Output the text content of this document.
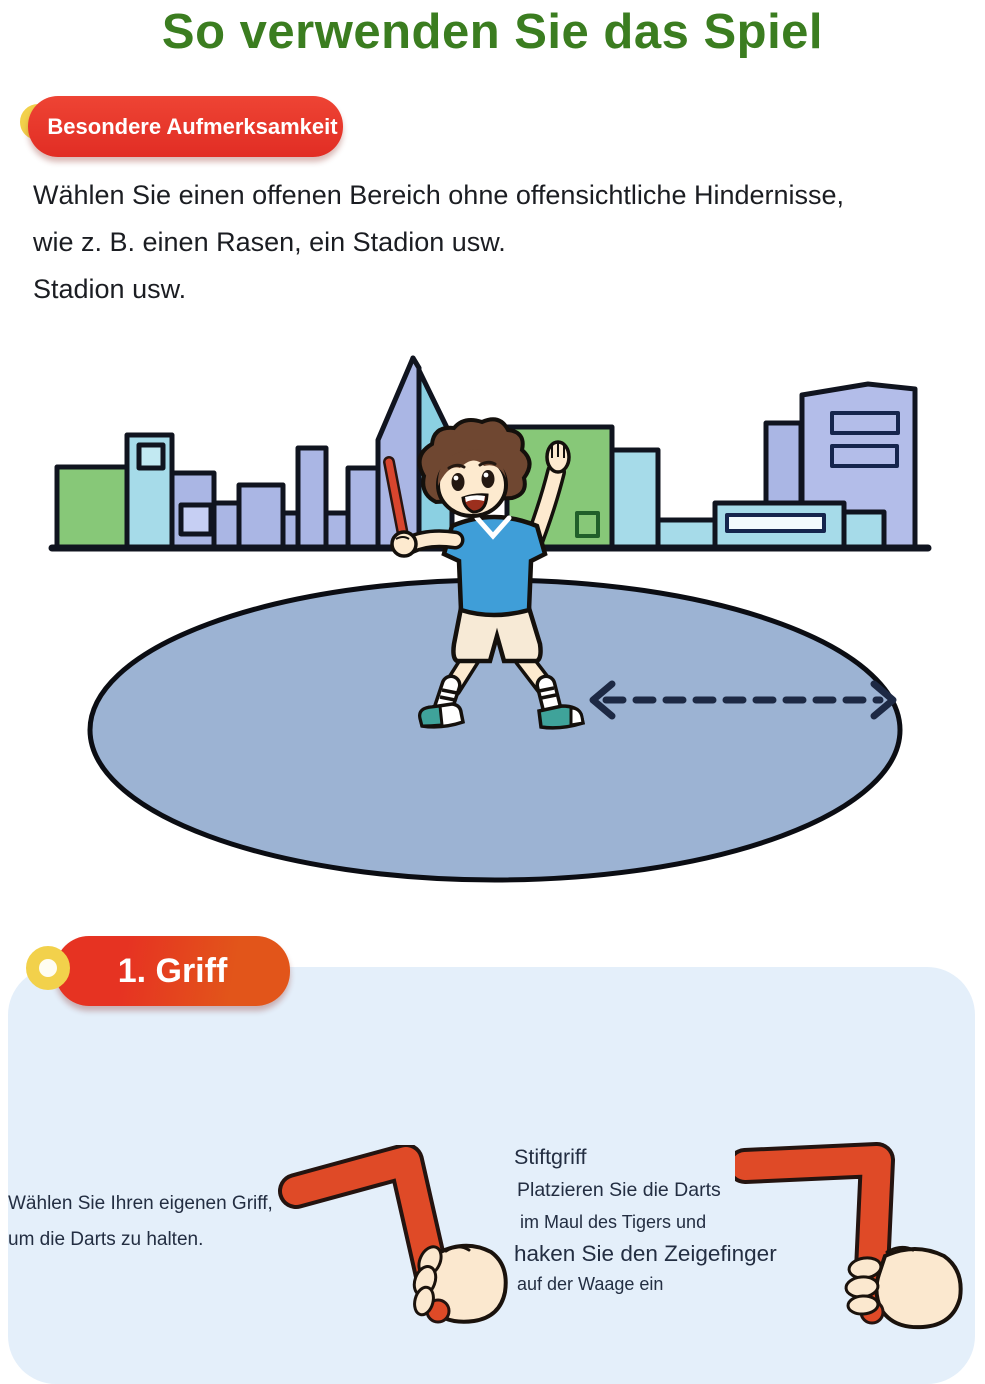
So verwenden Sie das Spiel
Besondere Aufmerksamkeit

Wählen Sie einen offenen Bereich ohne offensichtliche Hindernisse,

wie z. B. einen Rasen, ein Stadion usw.

Stadion usw.

1. Griff

Wählen Sie Ihren eigenen Griff,

um die Darts zu halten.

Stiftgriff

Platzieren Sie die Darts

im Maul des Tigers und

haken Sie den Zeigefinger

auf der Waage ein
